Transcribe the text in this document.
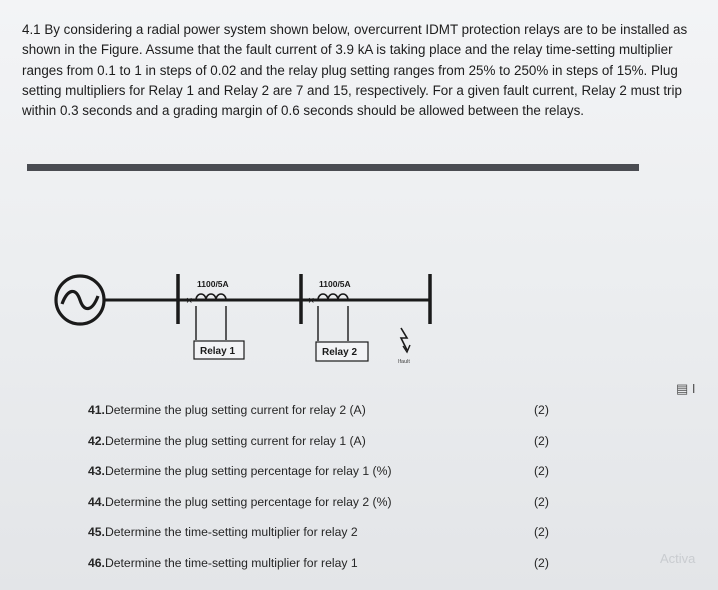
4.1 By considering a radial power system shown below, overcurrent IDMT protection relays are to be installed as shown in the Figure. Assume that the fault current of 3.9 kA is taking place and the relay time-setting multiplier ranges from 0.1 to 1 in steps of 0.02 and the relay plug setting ranges from 25% to 250% in steps of 15%. Plug setting multipliers for Relay 1 and Relay 2 are 7 and 15, respectively. For a given fault current, Relay 2 must trip within 0.3 seconds and a grading margin of 0.6 seconds should be allowed between the relays.
×
1100/5A
Relay 1
×
1100/5A
Relay 2
Ifault
▤ I
41.Determine the plug setting current for relay 2 (A)	(2)
42.Determine the plug setting current for relay 1 (A)	(2)
43.Determine the plug setting percentage for relay 1 (%)	(2)
44.Determine the plug setting percentage for relay 2 (%)	(2)
45.Determine the time-setting multiplier for relay 2	(2)
46.Determine the time-setting multiplier for relay 1	(2)	Activa
